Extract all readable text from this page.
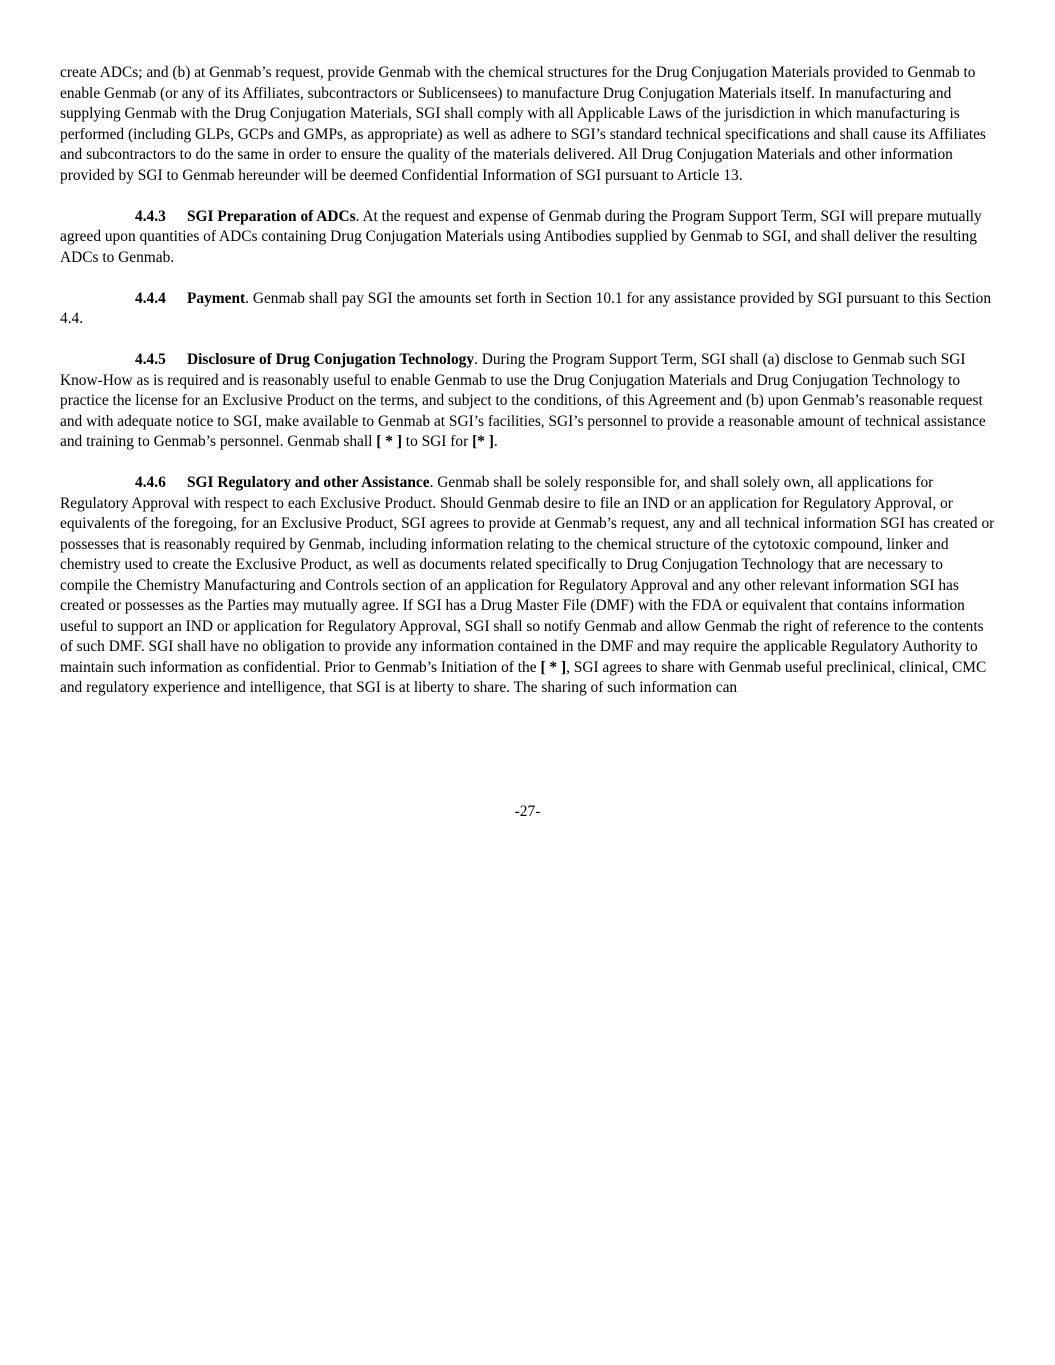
create ADCs; and (b) at Genmab’s request, provide Genmab with the chemical structures for the Drug Conjugation Materials provided to Genmab to enable Genmab (or any of its Affiliates, subcontractors or Sublicensees) to manufacture Drug Conjugation Materials itself. In manufacturing and supplying Genmab with the Drug Conjugation Materials, SGI shall comply with all Applicable Laws of the jurisdiction in which manufacturing is performed (including GLPs, GCPs and GMPs, as appropriate) as well as adhere to SGI’s standard technical specifications and shall cause its Affiliates and subcontractors to do the same in order to ensure the quality of the materials delivered. All Drug Conjugation Materials and other information provided by SGI to Genmab hereunder will be deemed Confidential Information of SGI pursuant to Article 13.

4.4.3 SGI Preparation of ADCs. At the request and expense of Genmab during the Program Support Term, SGI will prepare mutually agreed upon quantities of ADCs containing Drug Conjugation Materials using Antibodies supplied by Genmab to SGI, and shall deliver the resulting ADCs to Genmab.

4.4.4 Payment. Genmab shall pay SGI the amounts set forth in Section 10.1 for any assistance provided by SGI pursuant to this Section 4.4.

4.4.5 Disclosure of Drug Conjugation Technology. During the Program Support Term, SGI shall (a) disclose to Genmab such SGI Know-How as is required and is reasonably useful to enable Genmab to use the Drug Conjugation Materials and Drug Conjugation Technology to practice the license for an Exclusive Product on the terms, and subject to the conditions, of this Agreement and (b) upon Genmab’s reasonable request and with adequate notice to SGI, make available to Genmab at SGI’s facilities, SGI’s personnel to provide a reasonable amount of technical assistance and training to Genmab’s personnel. Genmab shall [ * ] to SGI for [* ].

4.4.6 SGI Regulatory and other Assistance. Genmab shall be solely responsible for, and shall solely own, all applications for Regulatory Approval with respect to each Exclusive Product. Should Genmab desire to file an IND or an application for Regulatory Approval, or equivalents of the foregoing, for an Exclusive Product, SGI agrees to provide at Genmab’s request, any and all technical information SGI has created or possesses that is reasonably required by Genmab, including information relating to the chemical structure of the cytotoxic compound, linker and chemistry used to create the Exclusive Product, as well as documents related specifically to Drug Conjugation Technology that are necessary to compile the Chemistry Manufacturing and Controls section of an application for Regulatory Approval and any other relevant information SGI has created or possesses as the Parties may mutually agree. If SGI has a Drug Master File (DMF) with the FDA or equivalent that contains information useful to support an IND or application for Regulatory Approval, SGI shall so notify Genmab and allow Genmab the right of reference to the contents of such DMF. SGI shall have no obligation to provide any information contained in the DMF and may require the applicable Regulatory Authority to maintain such information as confidential. Prior to Genmab’s Initiation of the [ * ], SGI agrees to share with Genmab useful preclinical, clinical, CMC and regulatory experience and intelligence, that SGI is at liberty to share. The sharing of such information can

-27-
